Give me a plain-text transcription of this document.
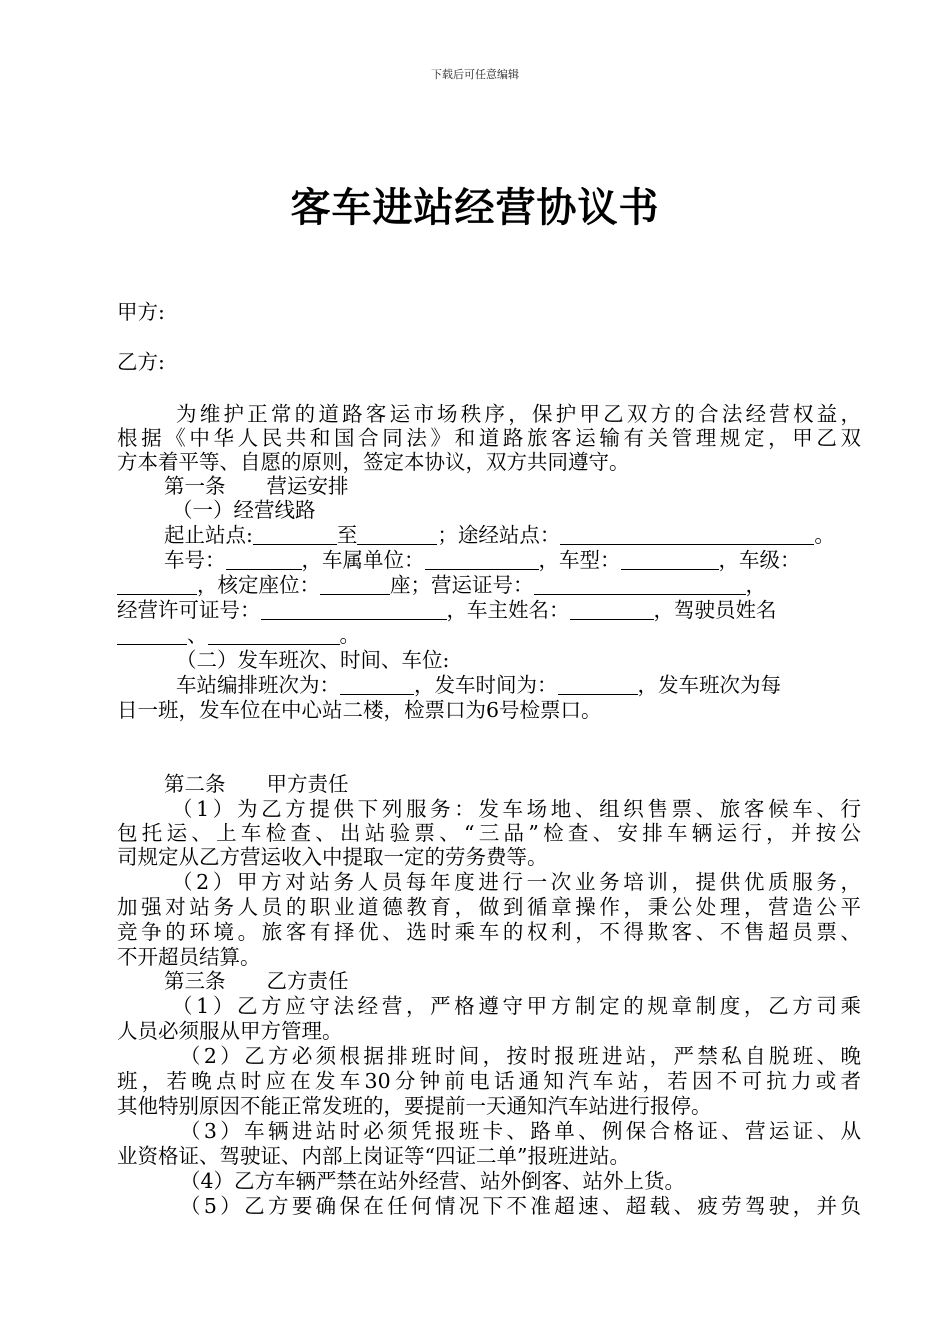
下载后可任意编辑
客车进站经营协议书
甲方:
乙方:
为维护正常的道路客运市场秩序，保护甲乙双方的合法经营权益，
根据《中华人民共和国合同法》和道路旅客运输有关管理规定，甲乙双
方本着平等、自愿的原则，签定本协议，双方共同遵守。
第一条　　营运安排
（一）经营线路
起止站点:	至	；途经站点：	。
车号：	，车属单位：	，车型：	，车级：
，核定座位：	座；营运证号：	，
经营许可证号：	，车主姓名：	，驾驶员姓名
、	。
（二）发车班次、时间、车位:
车站编排班次为：	，发车时间为：	，发车班次为每
日一班，发车位在中心站二楼，检票口为6号检票口。
第二条　　甲方责任
（1）为乙方提供下列服务：发车场地、组织售票、旅客候车、行
包托运、上车检查、出站验票、“三品”检查、安排车辆运行，并按公
司规定从乙方营运收入中提取一定的劳务费等。
（2）甲方对站务人员每年度进行一次业务培训，提供优质服务，
加强对站务人员的职业道德教育，做到循章操作，秉公处理，营造公平
竞争的环境。旅客有择优、选时乘车的权利，不得欺客、不售超员票、
不开超员结算。
第三条　　乙方责任
（1）乙方应守法经营，严格遵守甲方制定的规章制度，乙方司乘
人员必须服从甲方管理。
（2）乙方必须根据排班时间，按时报班进站，严禁私自脱班、晚
班，若晚点时应在发车30分钟前电话通知汽车站，若因不可抗力或者
其他特别原因不能正常发班的，要提前一天通知汽车站进行报停。
（3）车辆进站时必须凭报班卡、路单、例保合格证、营运证、从
业资格证、驾驶证、内部上岗证等“四证二单”报班进站。
（4）乙方车辆严禁在站外经营、站外倒客、站外上货。
（5）乙方要确保在任何情况下不准超速、超载、疲劳驾驶，并负
